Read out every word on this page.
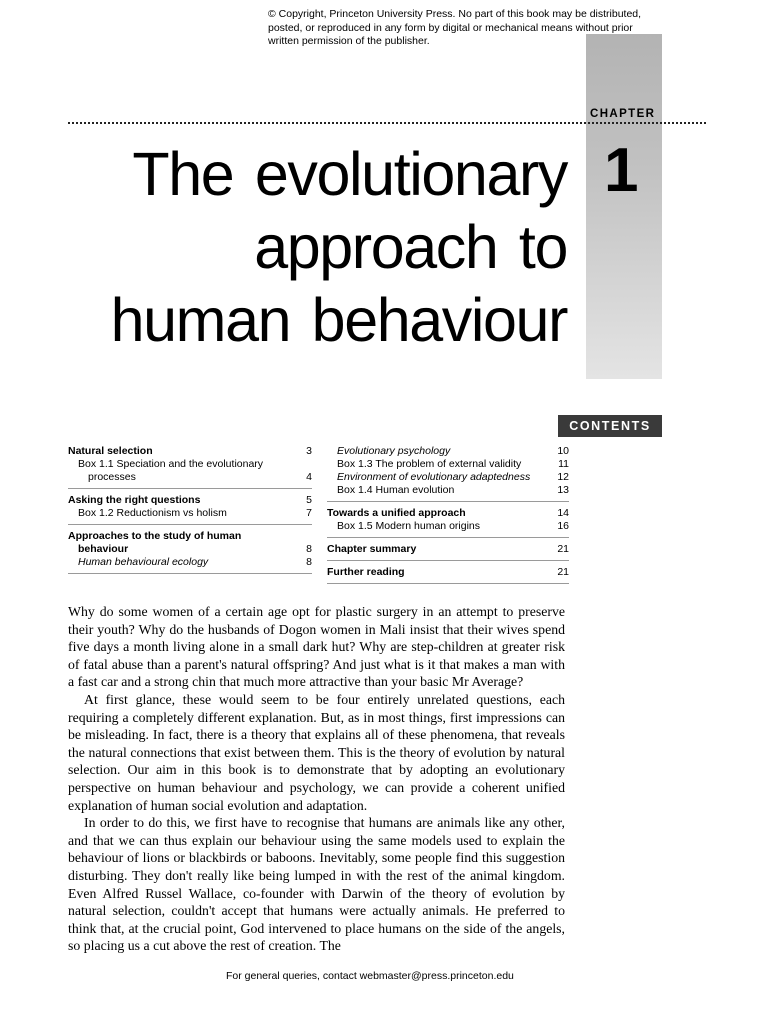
© Copyright, Princeton University Press. No part of this book may be distributed, posted, or reproduced in any form by digital or mechanical means without prior written permission of the publisher.
CHAPTER
1
The evolutionary
approach to
human behaviour
CONTENTS
Natural selection	3
Box 1.1 Speciation and the evolutionary
processes	4
Asking the right questions	5
Box 1.2 Reductionism vs holism	7
Approaches to the study of human
behaviour	8
Human behavioural ecology	8
Evolutionary psychology	10
Box 1.3 The problem of external validity	11
Environment of evolutionary adaptedness	12
Box 1.4 Human evolution	13
Towards a unified approach	14
Box 1.5 Modern human origins	16
Chapter summary	21
Further reading	21

Why do some women of a certain age opt for plastic surgery in an attempt to preserve their youth? Why do the husbands of Dogon women in Mali insist that their wives spend five days a month living alone in a small dark hut? Why are step-children at greater risk of fatal abuse than a parent's natural offspring? And just what is it that makes a man with a fast car and a strong chin that much more attractive than your basic Mr Average?

At first glance, these would seem to be four entirely unrelated questions, each requiring a completely different explanation. But, as in most things, first impressions can be misleading. In fact, there is a theory that explains all of these phenomena, that reveals the natural connections that exist between them. This is the theory of evolution by natural selection. Our aim in this book is to demonstrate that by adopting an evolutionary perspective on human behaviour and psychology, we can provide a coherent unified explanation of human social evolution and adaptation.

In order to do this, we first have to recognise that humans are animals like any other, and that we can thus explain our behaviour using the same models used to explain the behaviour of lions or blackbirds or baboons. Inevitably, some people find this suggestion disturbing. They don't really like being lumped in with the rest of the animal kingdom. Even Alfred Russel Wallace, co-founder with Darwin of the theory of evolution by natural selection, couldn't accept that humans were actually animals. He preferred to think that, at the crucial point, God intervened to place humans on the side of the angels, so placing us a cut above the rest of creation. The

For general queries, contact webmaster@press.princeton.edu
